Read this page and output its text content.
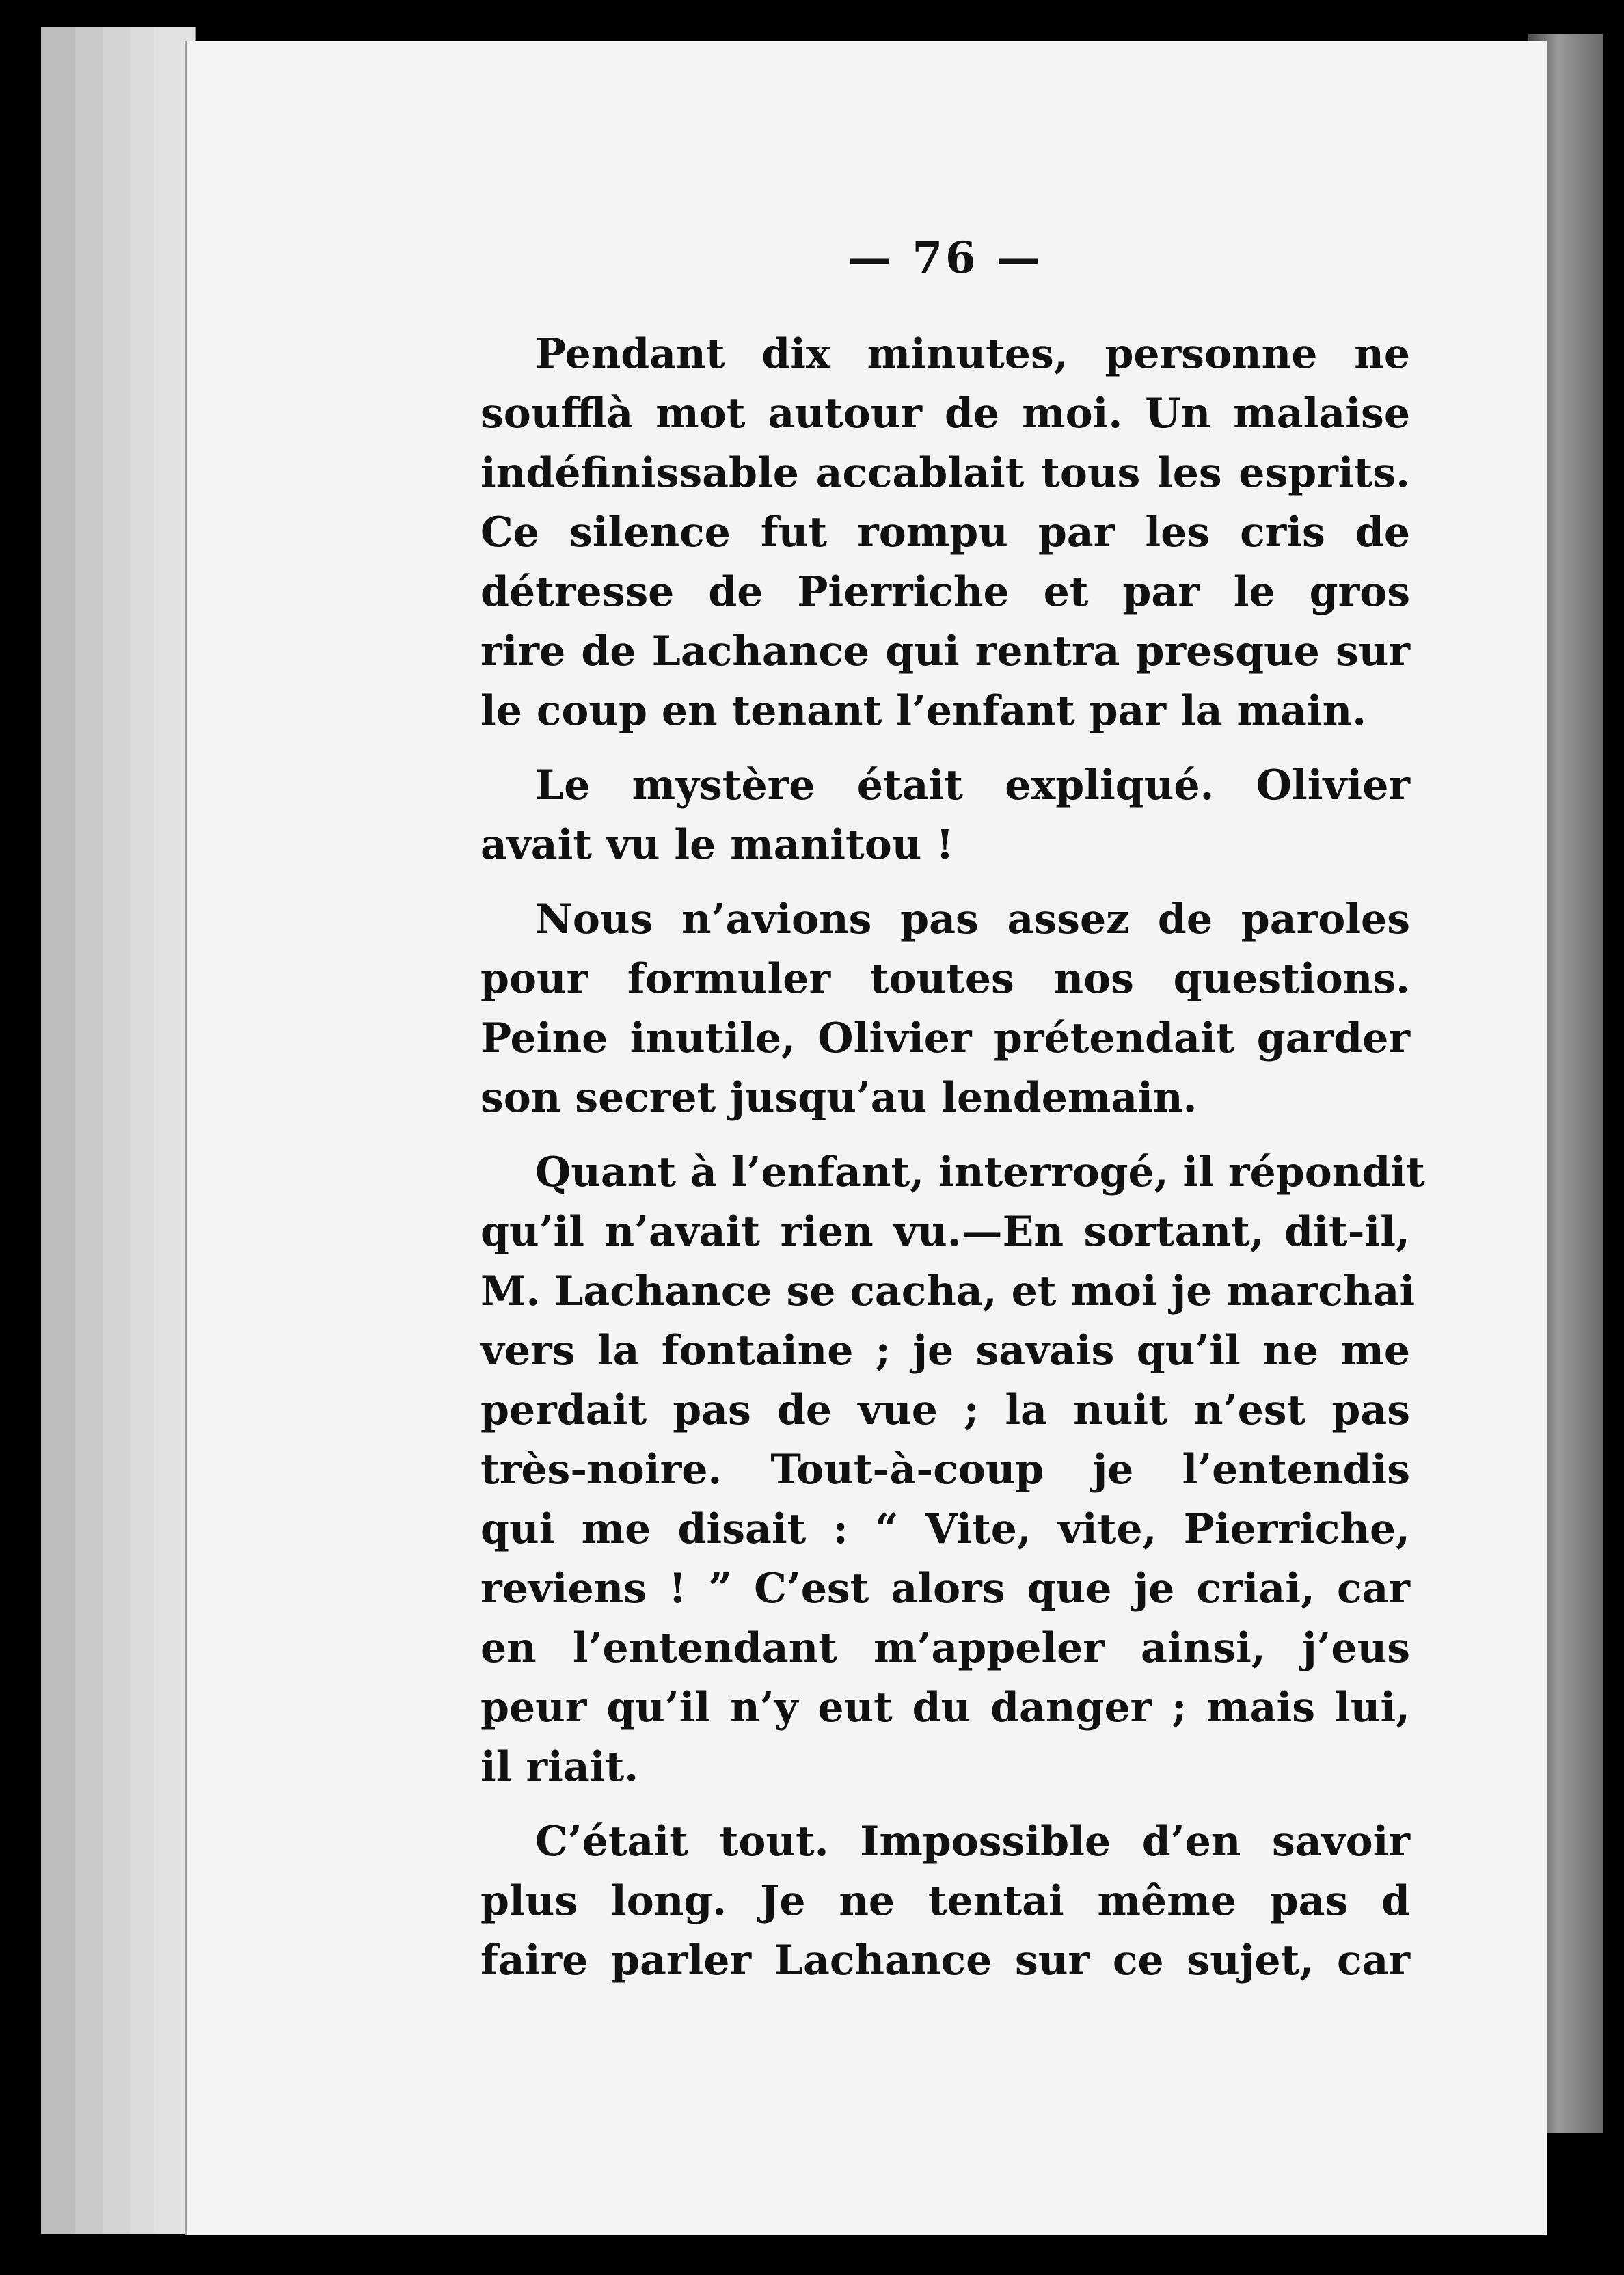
— 76 —
Pendant dix minutes, personne ne
soufflà mot autour de moi. Un malaise
indéfinissable accablait tous les esprits.
Ce silence fut rompu par les cris de
détresse de Pierriche et par le gros
rire de Lachance qui rentra presque sur
le coup en tenant l’enfant par la main.
Le mystère était expliqué. Olivier
avait vu le manitou !
Nous n’avions pas assez de paroles
pour formuler toutes nos questions.
Peine inutile, Olivier prétendait garder
son secret jusqu’au lendemain.
Quant à l’enfant, interrogé, il répondit
qu’il n’avait rien vu.—En sortant, dit-il,
M. Lachance se cacha, et moi je marchai
vers la fontaine ; je savais qu’il ne me
perdait pas de vue ; la nuit n’est pas
très-noire. Tout-à-coup je l’entendis
qui me disait : “ Vite, vite, Pierriche,
reviens ! ” C’est alors que je criai, car
en l’entendant m’appeler ainsi, j’eus
peur qu’il n’y eut du danger ; mais lui,
il riait.
C’était tout. Impossible d’en savoir
plus long. Je ne tentai même pas d
faire parler Lachance sur ce sujet, car
